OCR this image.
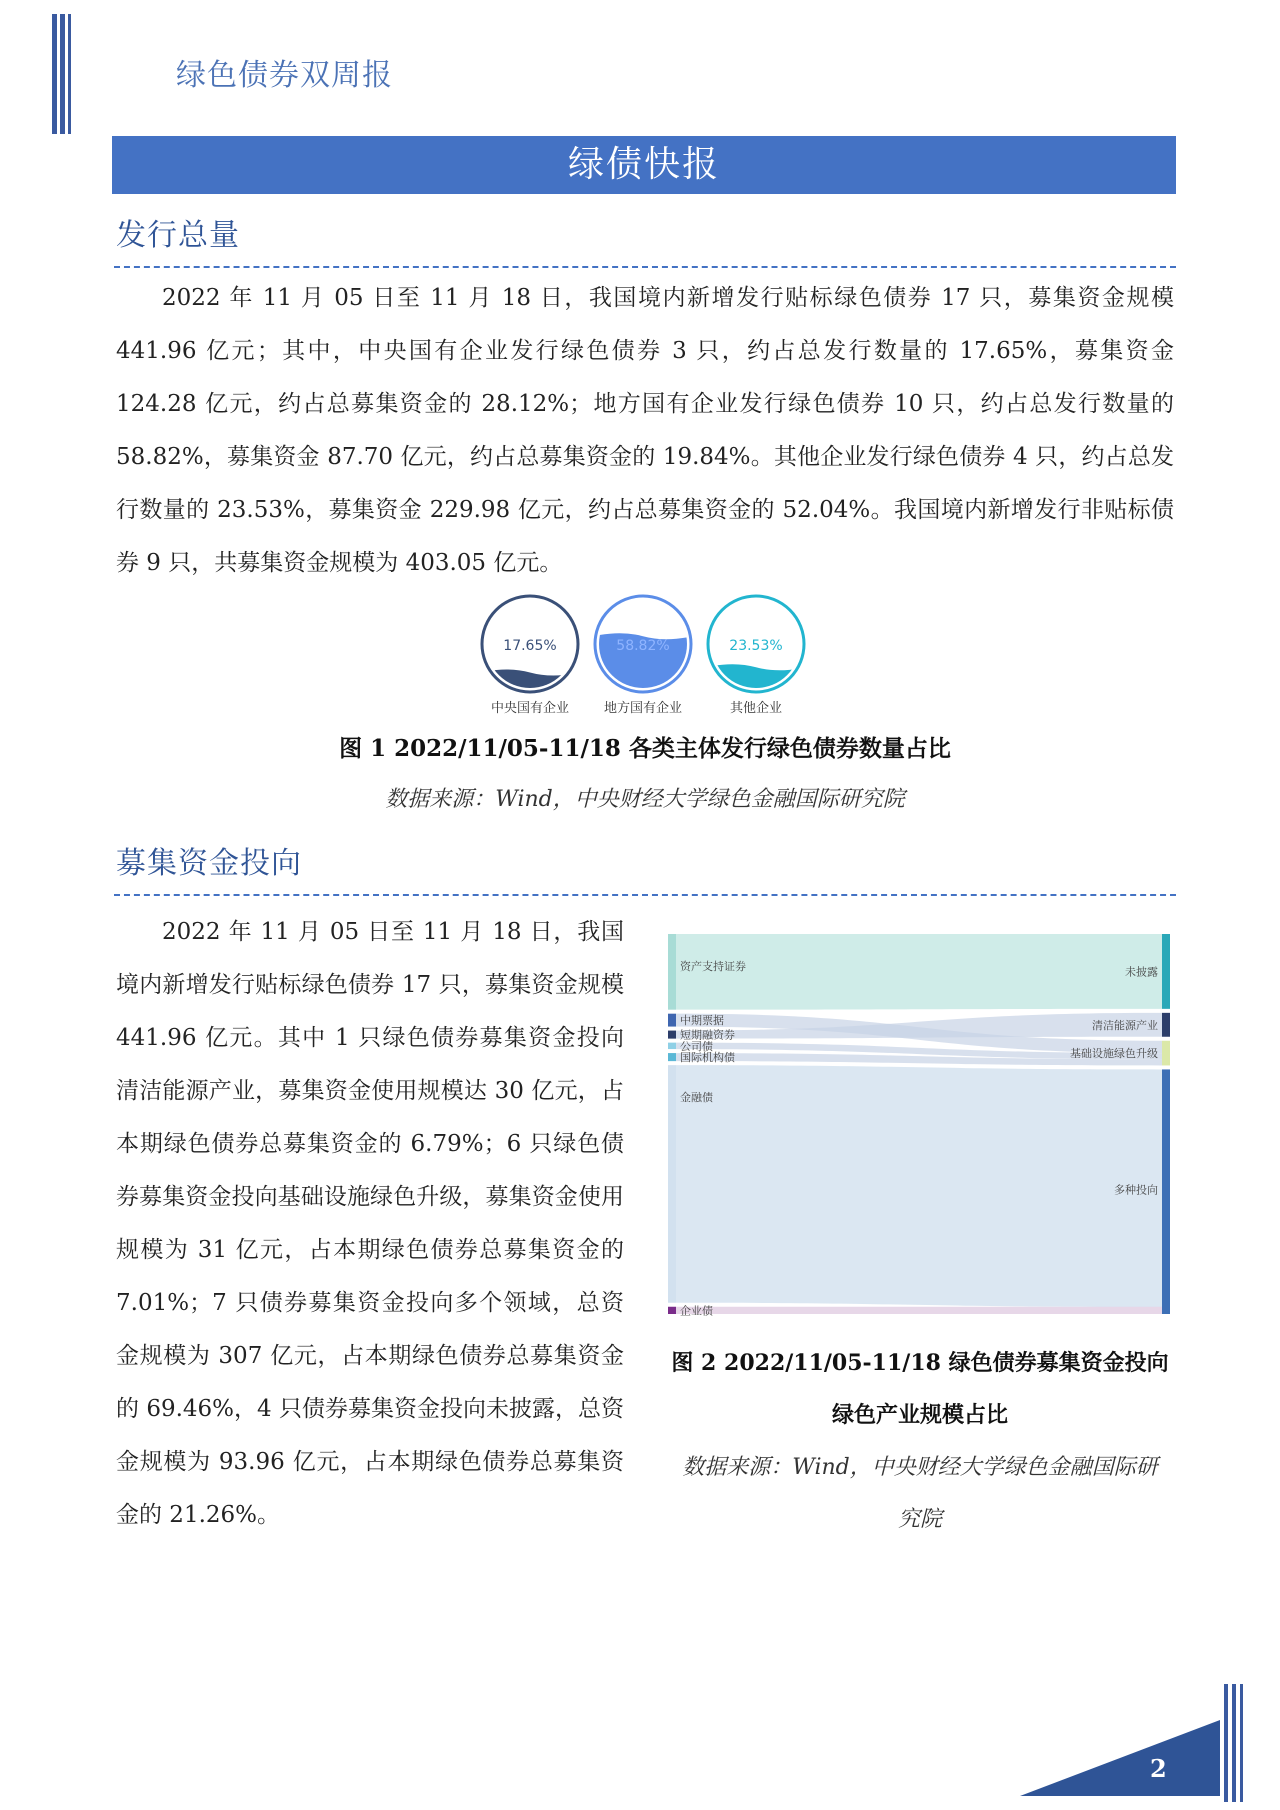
绿色债券双周报
绿债快报
发行总量
2022 年 11 月 05 日至 11 月 18 日，我国境内新增发行贴标绿色债券 17 只，募集资金规模 441.96 亿元；其中，中央国有企业发行绿色债券 3 只，约占总发行数量的 17.65%，募集资金 124.28 亿元，约占总募集资金的 28.12%；地方国有企业发行绿色债券 10 只，约占总发行数量的 58.82%，募集资金 87.70 亿元，约占总募集资金的 19.84%。其他企业发行绿色债券 4 只，约占总发行数量的 23.53%，募集资金 229.98 亿元，约占总募集资金的 52.04%。我国境内新增发行非贴标债券 9 只，共募集资金规模为 403.05 亿元。
17.65%
中央国有企业
58.82%
地方国有企业
23.53%
其他企业
图 1 2022/11/05-11/18 各类主体发行绿色债券数量占比
数据来源：Wind，中央财经大学绿色金融国际研究院
募集资金投向
2022 年 11 月 05 日至 11 月 18 日，我国境内新增发行贴标绿色债券 17 只，募集资金规模 441.96 亿元。其中 1 只绿色债券募集资金投向清洁能源产业，募集资金使用规模达 30 亿元，占本期绿色债券总募集资金的 6.79%；6 只绿色债券募集资金投向基础设施绿色升级，募集资金使用规模为 31 亿元，占本期绿色债券总募集资金的 7.01%；7 只债券募集资金投向多个领域，总资金规模为 307 亿元，占本期绿色债券总募集资金的 69.46%，4 只债券募集资金投向未披露，总资金规模为 93.96 亿元，占本期绿色债券总募集资金的 21.26%。
资产支持证券
中期票据
短期融资券
公司债
国际机构债
金融债
企业债
未披露
清洁能源产业
基础设施绿色升级
多种投向
图 2 2022/11/05-11/18 绿色债券募集资金投向
绿色产业规模占比
数据来源：Wind，中央财经大学绿色金融国际研
究院
2
